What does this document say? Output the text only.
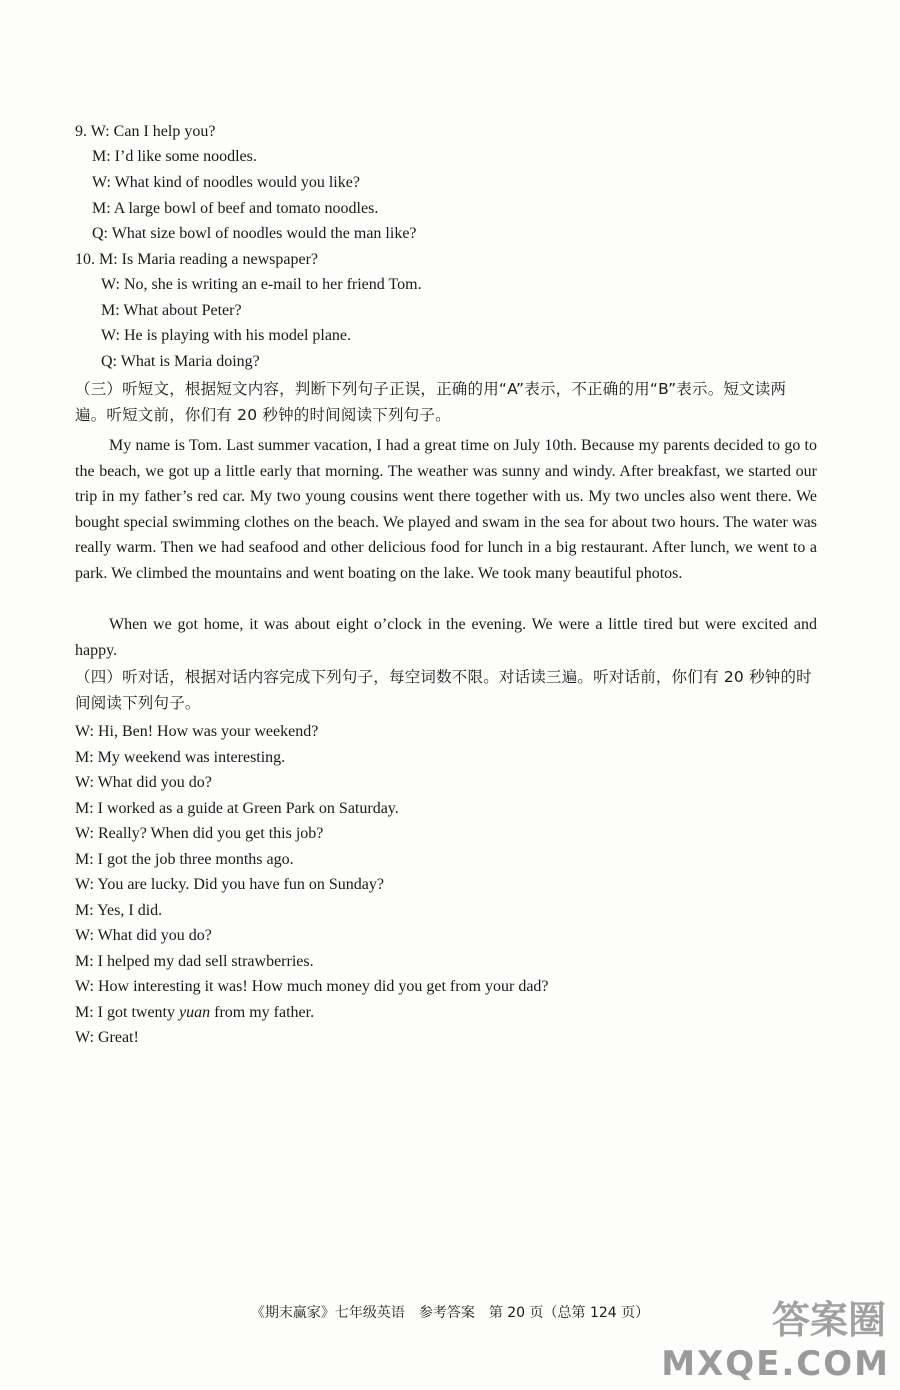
9. W: Can I help you?
M: I’d like some noodles.
W: What kind of noodles would you like?
M: A large bowl of beef and tomato noodles.
Q: What size bowl of noodles would the man like?
10. M: Is Maria reading a newspaper?
W: No, she is writing an e-mail to her friend Tom.
M: What about Peter?
W: He is playing with his model plane.
Q: What is Maria doing?
（三）听短文，根据短文内容，判断下列句子正误，正确的用“A”表示，不正确的用“B”表示。短文读两遍。听短文前，你们有 20 秒钟的时间阅读下列句子。
My name is Tom. Last summer vacation, I had a great time on July 10th. Because my parents decided to go to the beach, we got up a little early that morning. The weather was sunny and windy. After breakfast, we started our trip in my father’s red car. My two young cousins went there together with us. My two uncles also went there. We bought special swimming clothes on the beach. We played and swam in the sea for about two hours. The water was really warm. Then we had seafood and other delicious food for lunch in a big restaurant. After lunch, we went to a park. We climbed the mountains and went boating on the lake. We took many beautiful photos.
When we got home, it was about eight o’clock in the evening. We were a little tired but were excited and happy.
（四）听对话，根据对话内容完成下列句子，每空词数不限。对话读三遍。听对话前，你们有 20 秒钟的时间阅读下列句子。
W: Hi, Ben! How was your weekend?
M: My weekend was interesting.
W: What did you do?
M: I worked as a guide at Green Park on Saturday.
W: Really? When did you get this job?
M: I got the job three months ago.
W: You are lucky. Did you have fun on Sunday?
M: Yes, I did.
W: What did you do?
M: I helped my dad sell strawberries.
W: How interesting it was! How much money did you get from your dad?
M: I got twenty yuan from my father.
W: Great!
《期末赢家》七年级英语　参考答案　第 20 页（总第 124 页）	答案圈
MXQE.COM
